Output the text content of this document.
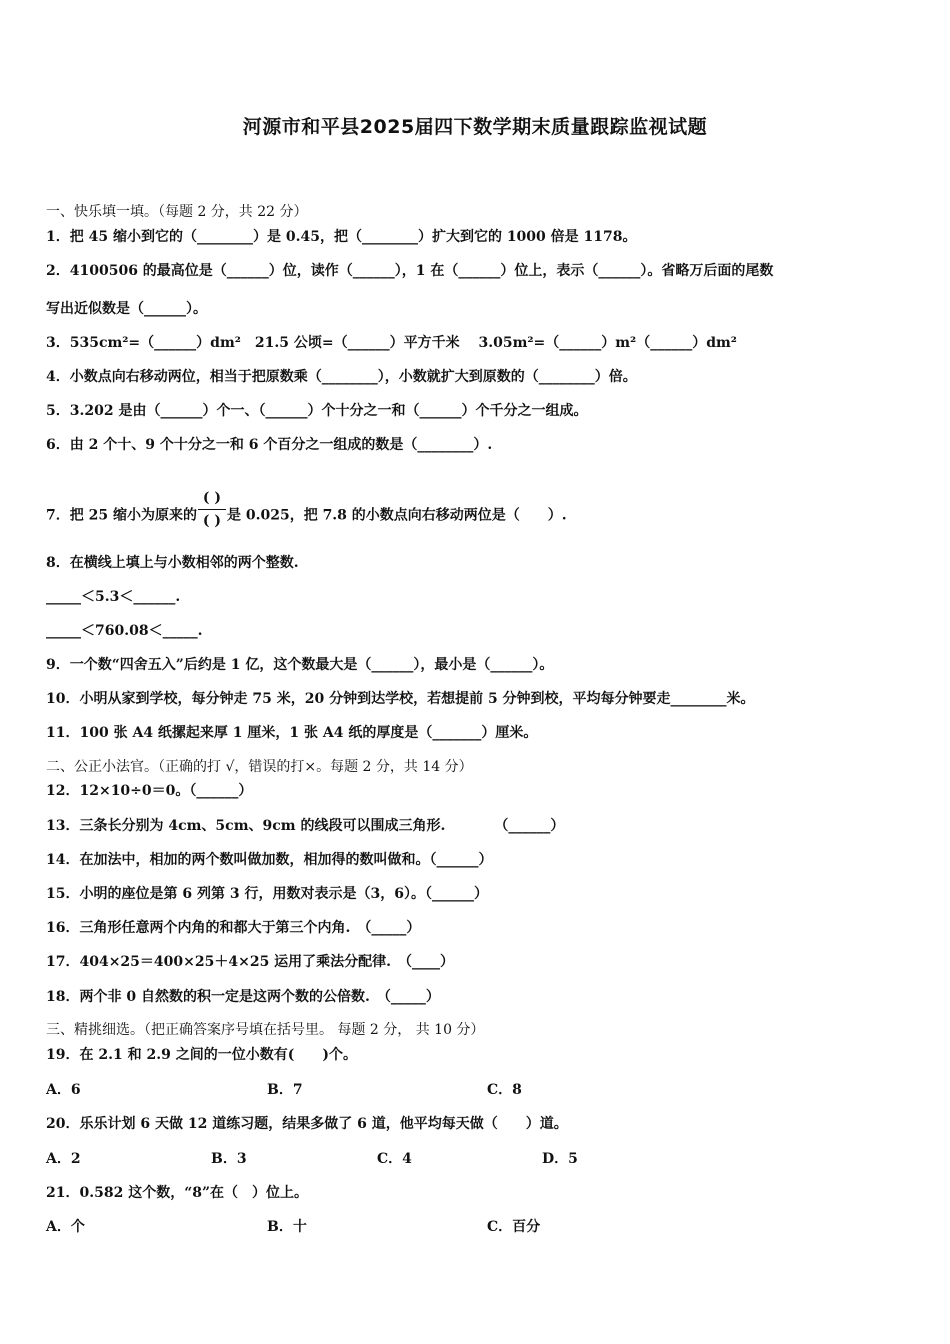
河源市和平县2025届四下数学期末质量跟踪监视试题
一、快乐填一填。（每题 2 分，共 22 分）
1．把 45 缩小到它的（________）是 0.45，把（________）扩大到它的 1000 倍是 1178。
2．4100506 的最高位是（______）位，读作（______），1 在（______）位上，表示（______）。省略万后面的尾数
写出近似数是（______）。
3．535cm²=（______）dm²　21.5 公顷=（______）平方千米　 3.05m²=（______）m²（______）dm²
4．小数点向右移动两位，相当于把原数乘（________），小数就扩大到原数的（________）倍。
5．3.202 是由（______）个一、（______）个十分之一和（______）个千分之一组成。
6．由 2 个十、9 个十分之一和 6 个百分之一组成的数是（________）.
7．把 25 缩小为原来的 $\frac{( )}{( )}$ 是 0.025，把 7.8 的小数点向右移动两位是（　　）.
8．在横线上填上与小数相邻的两个整数.
_____＜5.3＜______.
_____＜760.08＜_____.
9．一个数“四舍五入”后约是 1 亿，这个数最大是（______），最小是（______）。
10．小明从家到学校，每分钟走 75 米，20 分钟到达学校，若想提前 5 分钟到校，平均每分钟要走________米。
11．100 张 A4 纸摞起来厚 1 厘米，1 张 A4 纸的厚度是（_______）厘米。
二、公正小法官。（正确的打 √，错误的打×。每题 2 分，共 14 分）
12．12×10÷0＝0。（______）
13．三条长分别为 4cm、5cm、9cm 的线段可以围成三角形.　　　　（______）
14．在加法中，相加的两个数叫做加数，相加得的数叫做和。（______）
15．小明的座位是第 6 列第 3 行，用数对表示是（3，6）。（______）
16．三角形任意两个内角的和都大于第三个内角.　（_____）
17．404×25＝400×25＋4×25 运用了乘法分配律.　（____）
18．两个非 0 自然数的积一定是这两个数的公倍数.　（_____）
三、精挑细选。（把正确答案序号填在括号里。 每题 2 分， 共 10 分）
19．在 2.1 和 2.9 之间的一位小数有(　　)个。
A．6	B．7	C．8
20．乐乐计划 6 天做 12 道练习题，结果多做了 6 道，他平均每天做（　　）道。
A．2	B．3	C．4	D．5
21．0.582 这个数，“8”在（　）位上。
A．个	B．十	C．百分
